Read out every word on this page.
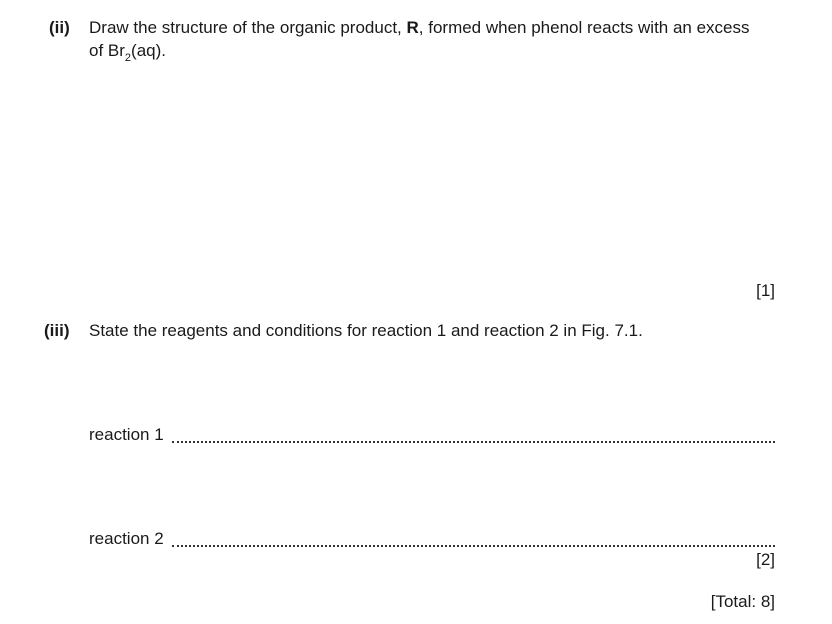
(ii) Draw the structure of the organic product, R, formed when phenol reacts with an excess
of $Br_2(aq)$.
[1]
(iii) State the reagents and conditions for reaction 1 and reaction 2 in Fig. 7.1.
reaction 1
reaction 2
[2]
[Total: 8]
